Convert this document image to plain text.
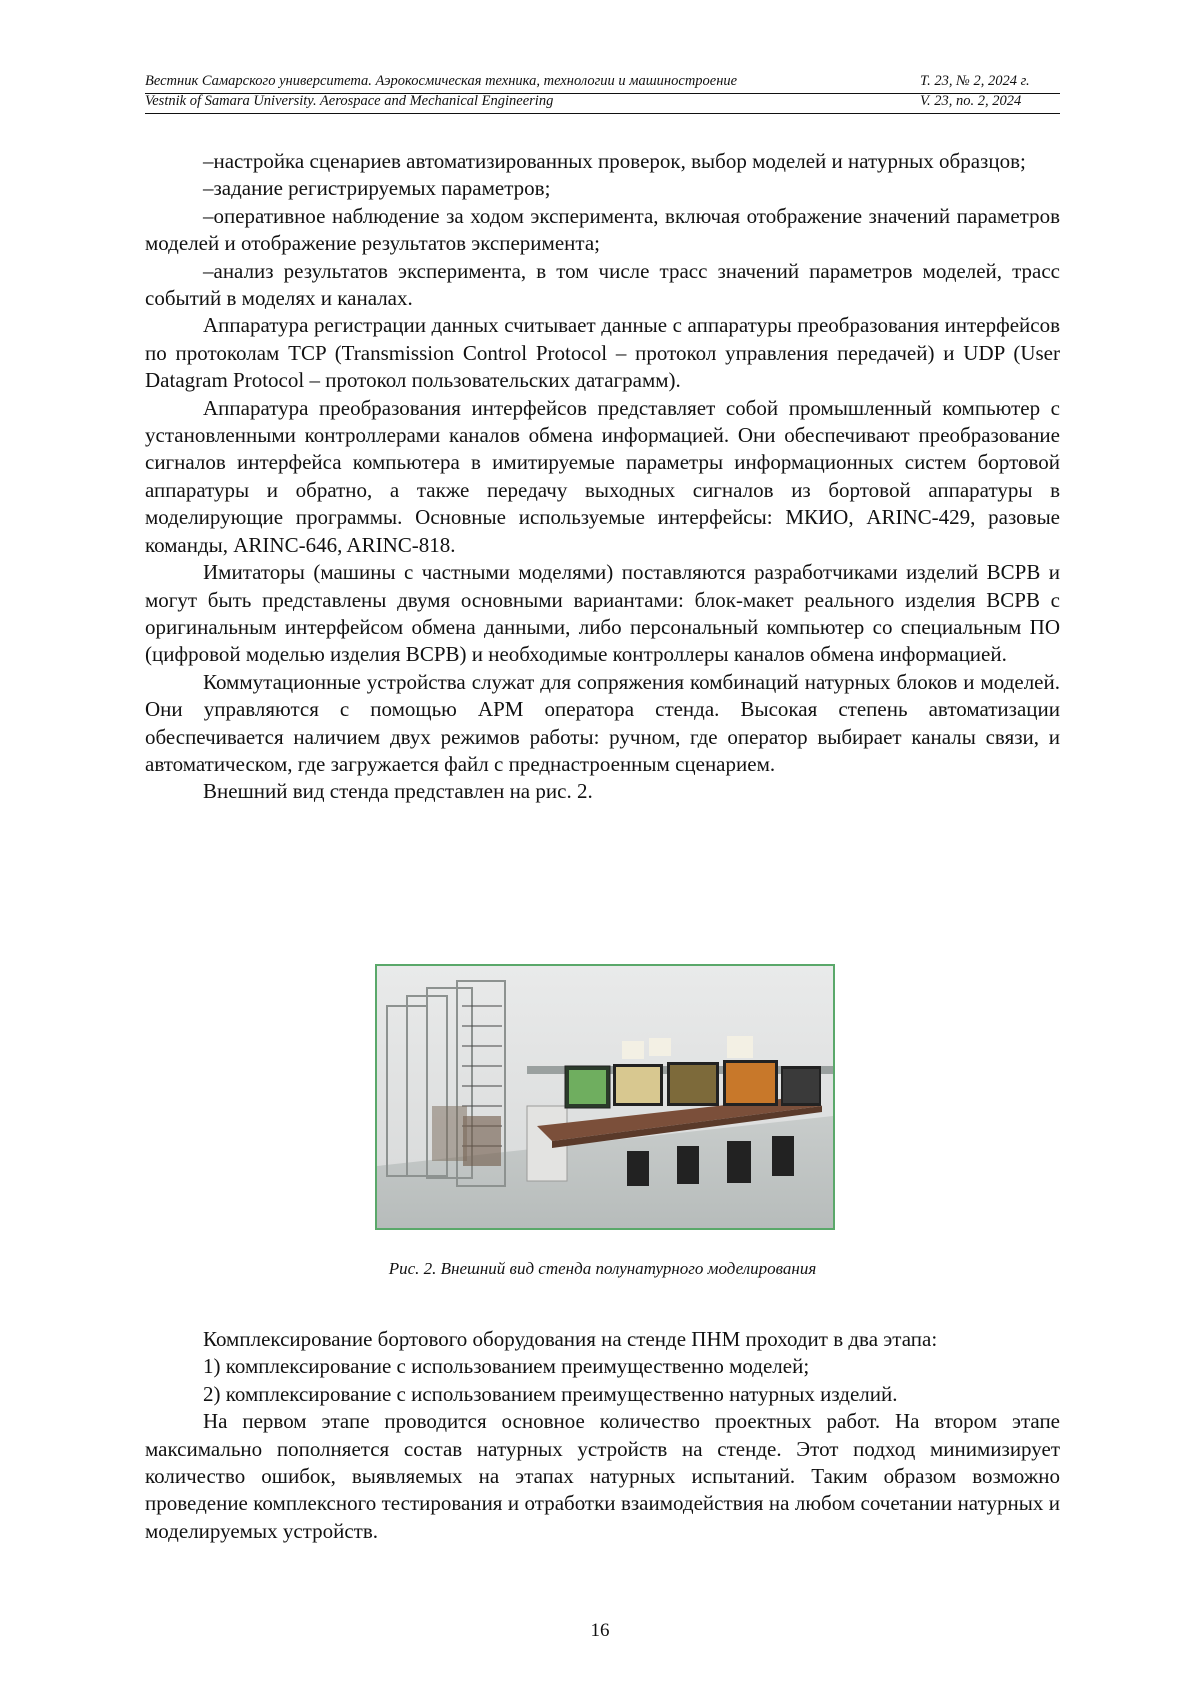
Вестник Самарского университета. Аэрокосмическая техника, технологии и машиностроение	Т. 23, № 2, 2024 г.
Vestnik of Samara University. Aerospace and Mechanical Engineering	V. 23, no. 2, 2024

–настройка сценариев автоматизированных проверок, выбор моделей и натурных образцов;

–задание регистрируемых параметров;

–оперативное наблюдение за ходом эксперимента, включая отображение значений параметров моделей и отображение результатов эксперимента;

–анализ результатов эксперимента, в том числе трасс значений параметров моделей, трасс событий в моделях и каналах.

Аппаратура регистрации данных считывает данные с аппаратуры преобразования интерфейсов по протоколам TCP (Transmission Control Protocol – протокол управления передачей) и UDP (User Datagram Protocol – протокол пользовательских датаграмм).

Аппаратура преобразования интерфейсов представляет собой промышленный компьютер с установленными контроллерами каналов обмена информацией. Они обеспечивают преобразование сигналов интерфейса компьютера в имитируемые параметры информационных систем бортовой аппаратуры и обратно, а также передачу выходных сигналов из бортовой аппаратуры в моделирующие программы. Основные используемые интерфейсы: МКИО, ARINC-429, разовые команды, ARINC-646, ARINC-818.

Имитаторы (машины с частными моделями) поставляются разработчиками изделий ВСРВ и могут быть представлены двумя основными вариантами: блок-макет реального изделия ВСРВ с оригинальным интерфейсом обмена данными, либо персональный компьютер со специальным ПО (цифровой моделью изделия ВСРВ) и необходимые контроллеры каналов обмена информацией.

Коммутационные устройства служат для сопряжения комбинаций натурных блоков и моделей. Они управляются с помощью АРМ оператора стенда. Высокая степень автоматизации обеспечивается наличием двух режимов работы: ручном, где оператор выбирает каналы связи, и автоматическом, где загружается файл с преднастроенным сценарием.

Внешний вид стенда представлен на рис. 2.

Рис. 2. Внешний вид стенда полунатурного моделирования

Комплексирование бортового оборудования на стенде ПНМ проходит в два этапа:

1) комплексирование с использованием преимущественно моделей;

2) комплексирование с использованием преимущественно натурных изделий.

На первом этапе проводится основное количество проектных работ. На втором этапе максимально пополняется состав натурных устройств на стенде. Этот подход минимизирует количество ошибок, выявляемых на этапах натурных испытаний. Таким образом возможно проведение комплексного тестирования и отработки взаимодействия на любом сочетании натурных и моделируемых устройств.

16
